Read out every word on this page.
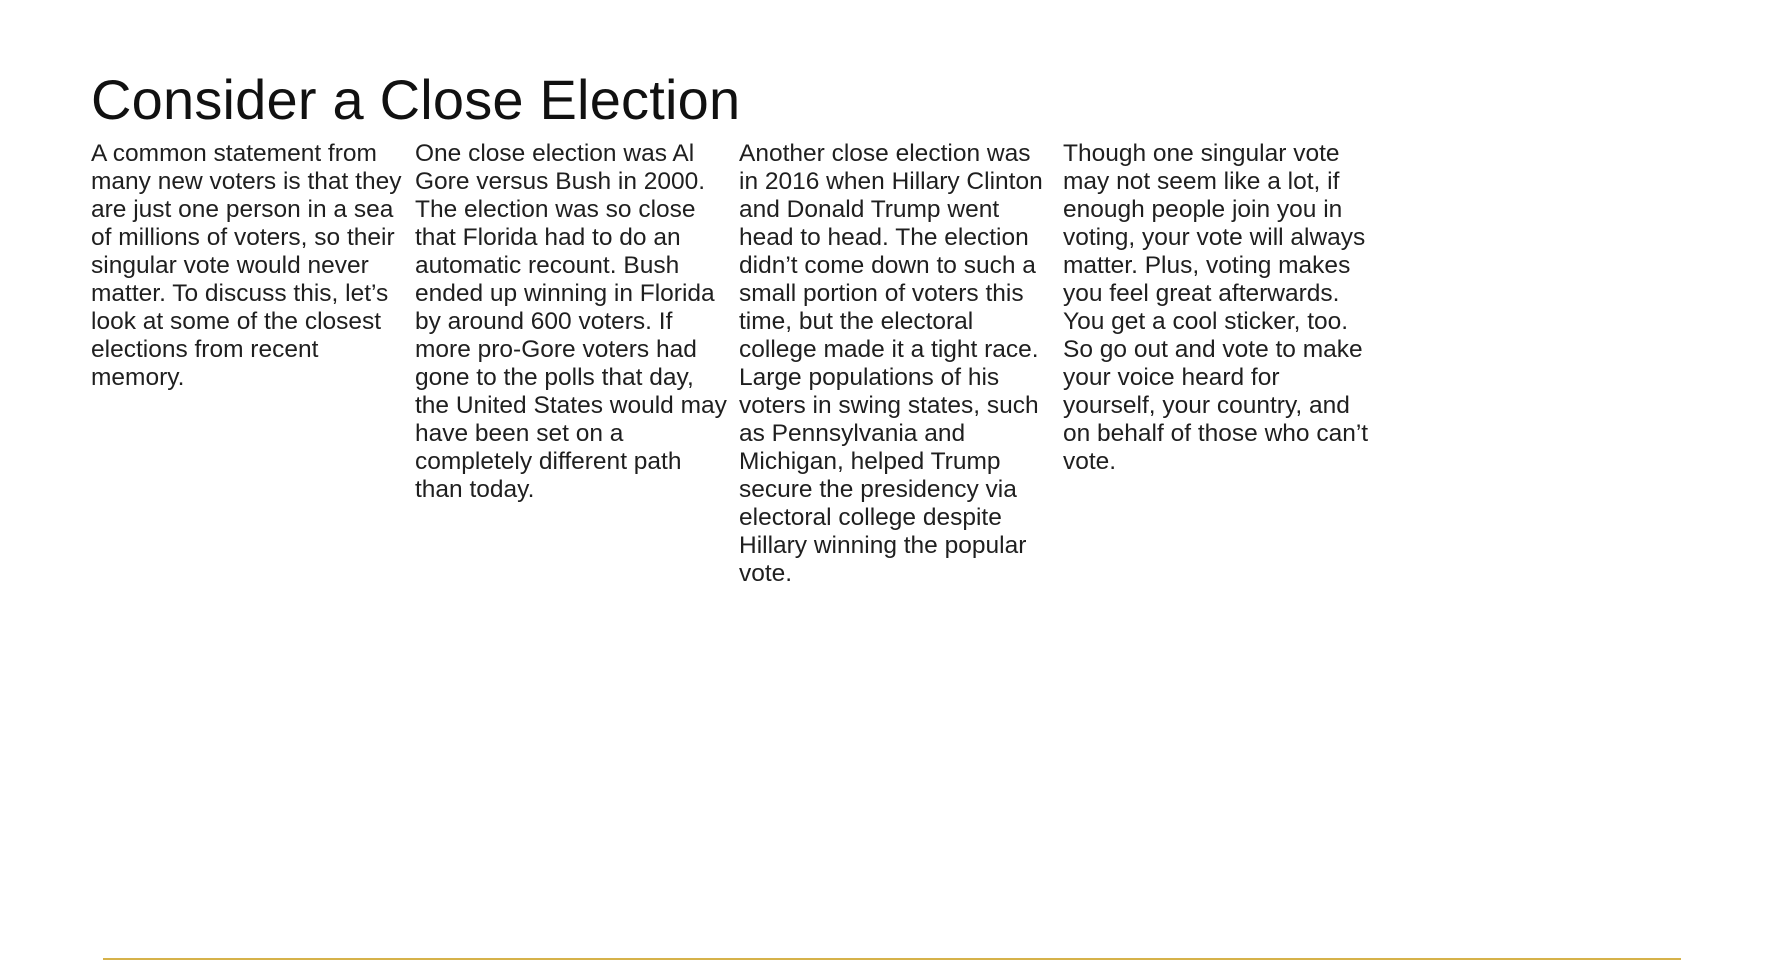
Consider a Close Election

A common statement from many new voters is that they are just one person in a sea of millions of voters, so their singular vote would never matter. To discuss this, let’s look at some of the closest elections from recent memory.

One close election was Al Gore versus Bush in 2000. The election was so close that Florida had to do an automatic recount. Bush ended up winning in Florida by around 600 voters. If more pro-Gore voters had gone to the polls that day, the United States would may have been set on a completely different path than today.

Another close election was in 2016 when Hillary Clinton and Donald Trump went head to head. The election didn’t come down to such a small portion of voters this time, but the electoral college made it a tight race. Large populations of his voters in swing states, such as Pennsylvania and Michigan, helped Trump secure the presidency via electoral college despite Hillary winning the popular vote.

Though one singular vote may not seem like a lot, if enough people join you in voting, your vote will always matter. Plus, voting makes you feel great afterwards. You get a cool sticker, too. So go out and vote to make your voice heard for yourself, your country, and on behalf of those who can’t vote.
